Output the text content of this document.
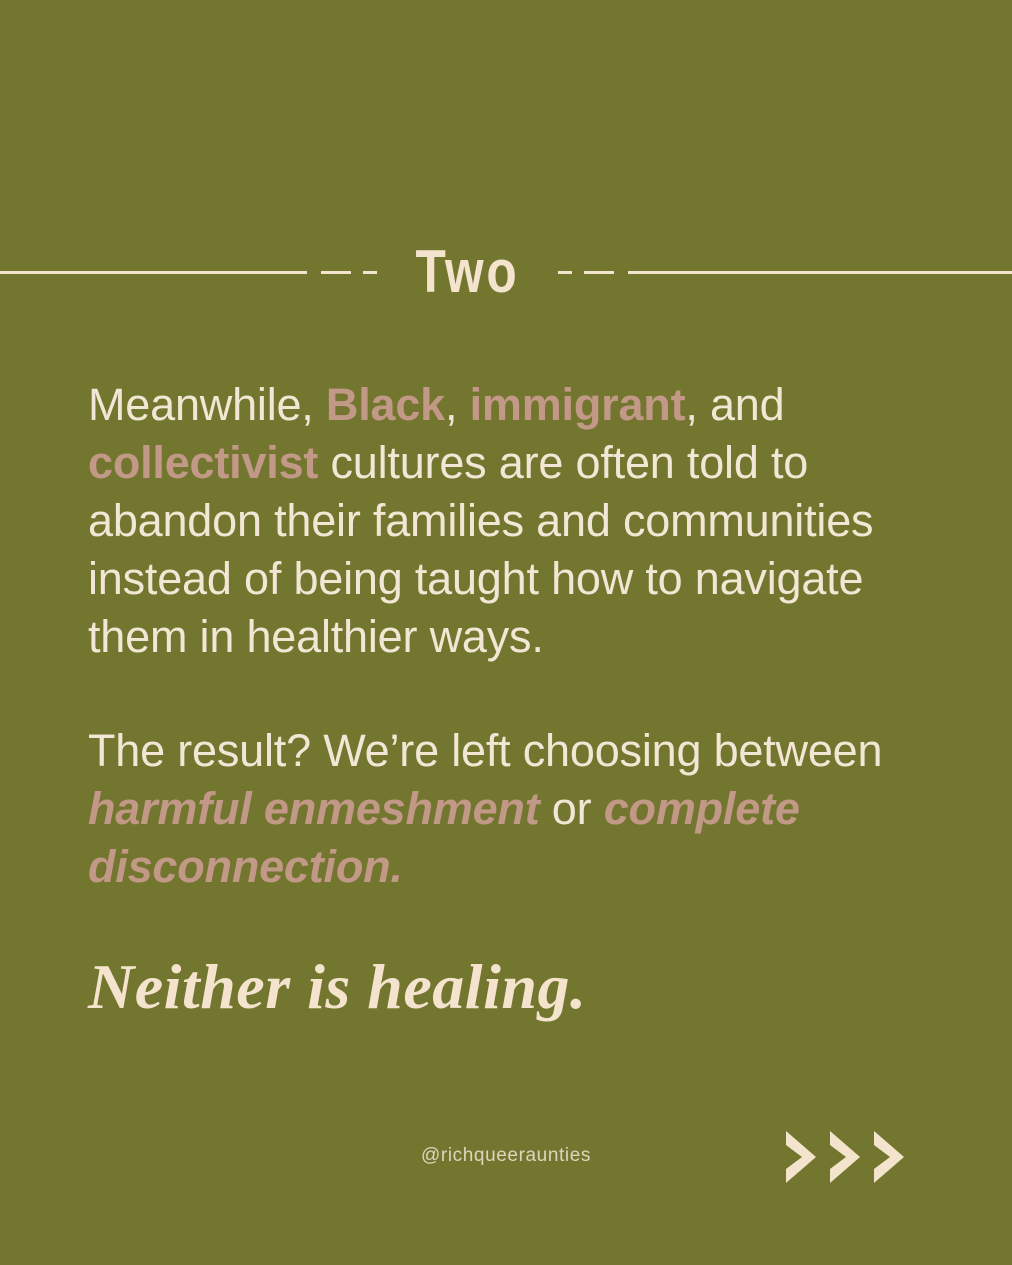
Two

Meanwhile, Black, immigrant, and collectivist cultures are often told to abandon their families and communities instead of being taught how to navigate them in healthier ways.

The result? We’re left choosing between harmful enmeshment or complete disconnection.

Neither is healing.

@richqueeraunties
